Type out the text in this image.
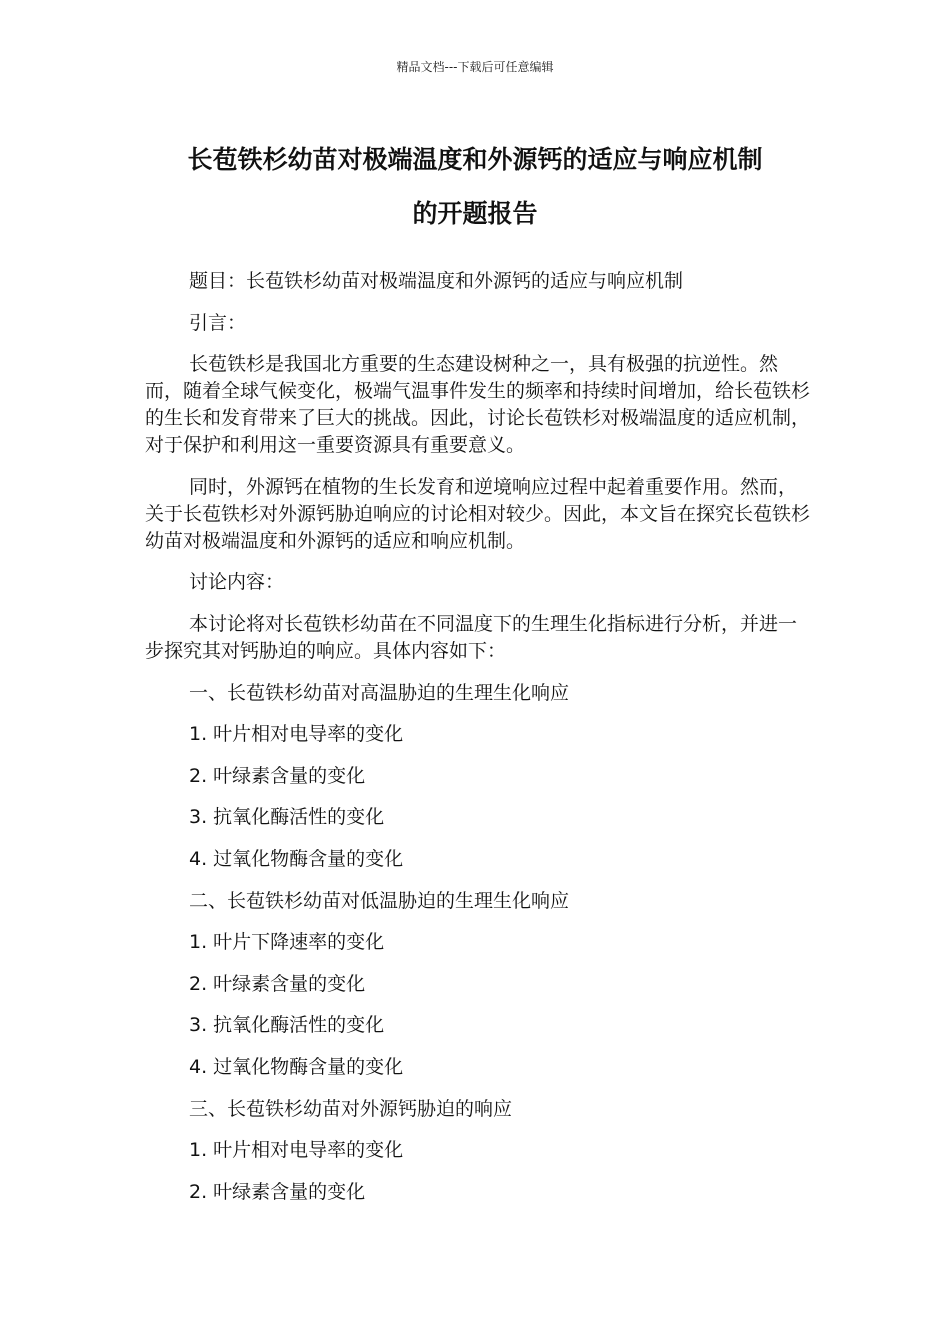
精品文档---下载后可任意编辑
长苞铁杉幼苗对极端温度和外源钙的适应与响应机制
的开题报告

题目：长苞铁杉幼苗对极端温度和外源钙的适应与响应机制

引言：

长苞铁杉是我国北方重要的生态建设树种之一，具有极强的抗逆性。然而，随着全球气候变化，极端气温事件发生的频率和持续时间增加，给长苞铁杉的生长和发育带来了巨大的挑战。因此，讨论长苞铁杉对极端温度的适应机制，对于保护和利用这一重要资源具有重要意义。

同时，外源钙在植物的生长发育和逆境响应过程中起着重要作用。然而，关于长苞铁杉对外源钙胁迫响应的讨论相对较少。因此，本文旨在探究长苞铁杉幼苗对极端温度和外源钙的适应和响应机制。

讨论内容：

本讨论将对长苞铁杉幼苗在不同温度下的生理生化指标进行分析，并进一步探究其对钙胁迫的响应。具体内容如下：

一、长苞铁杉幼苗对高温胁迫的生理生化响应

1. 叶片相对电导率的变化

2. 叶绿素含量的变化

3. 抗氧化酶活性的变化

4. 过氧化物酶含量的变化

二、长苞铁杉幼苗对低温胁迫的生理生化响应

1. 叶片下降速率的变化

2. 叶绿素含量的变化

3. 抗氧化酶活性的变化

4. 过氧化物酶含量的变化

三、长苞铁杉幼苗对外源钙胁迫的响应

1. 叶片相对电导率的变化

2. 叶绿素含量的变化
